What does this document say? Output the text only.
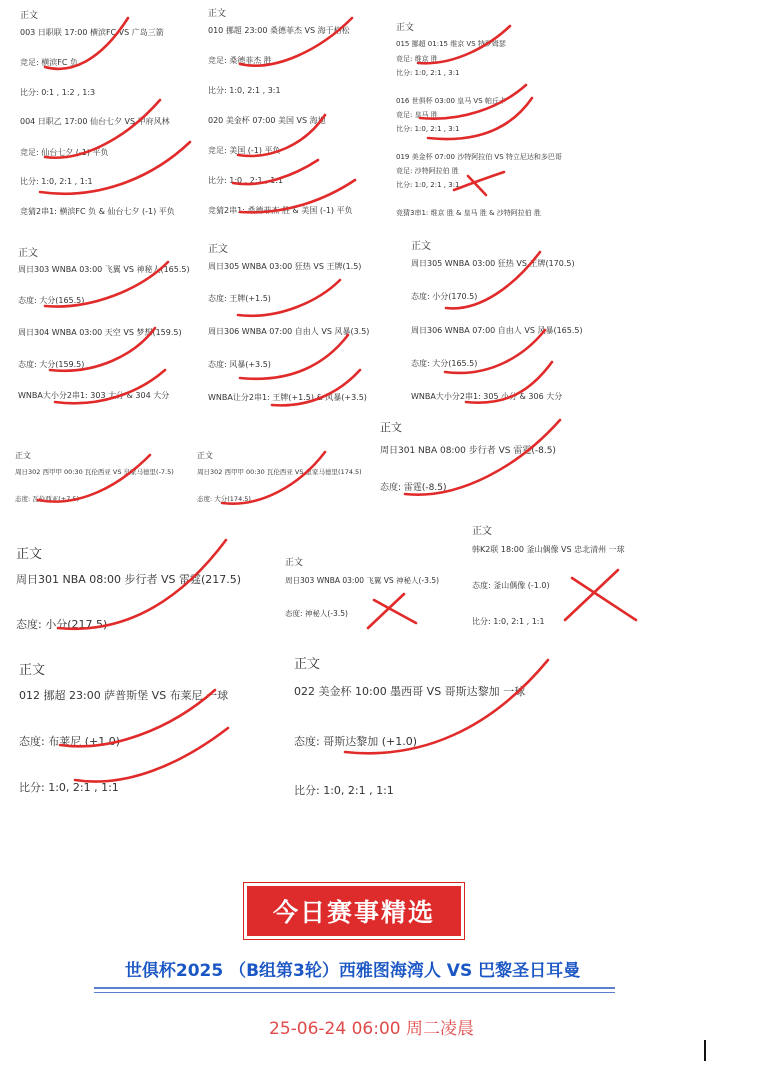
正文
003 日职联 17:00 横滨FC VS 广岛三箭
竞足: 横滨FC 负
比分: 0:1 , 1:2 , 1:3
004 日职乙 17:00 仙台七夕 VS 甲府风林
竞足: 仙台七夕 (-1) 平负
比分: 1:0, 2:1 , 1:1
竞猜2串1: 横滨FC 负 & 仙台七夕 (-1) 平负
正文
010 挪超 23:00 桑德菲杰 VS 海于格松
竞足: 桑德菲杰 胜
比分: 1:0, 2:1 , 3:1
020 美金杯 07:00 美国 VS 海地
竞足: 美国 (-1) 平负
比分: 1:0 , 2:1 , 1:1
竞猜2串1: 桑德菲杰 胜 & 美国 (-1) 平负
正文
015 挪超 01:15 维京 VS 特罗姆瑟
竞足: 维京 胜
比分: 1:0, 2:1 , 3:1
016 世俱杯 03:00 皇马 VS 帕丘卡
竞足: 皇马 胜
比分: 1:0, 2:1 , 3:1
019 美金杯 07:00 沙特阿拉伯 VS 特立尼达和多巴哥
竞足: 沙特阿拉伯 胜
比分: 1:0, 2:1 , 3:1
竞猜3串1: 维京 胜 & 皇马 胜 & 沙特阿拉伯 胜
正文
周日303 WNBA 03:00 飞翼 VS 神秘人(165.5)
态度: 大分(165.5)
周日304 WNBA 03:00 天空 VS 梦想(159.5)
态度: 大分(159.5)
WNBA大小分2串1: 303 大分 & 304 大分
正文
周日305 WNBA 03:00 狂热 VS 王牌(1.5)
态度: 王牌(+1.5)
周日306 WNBA 07:00 自由人 VS 风暴(3.5)
态度: 风暴(+3.5)
WNBA让分2串1: 王牌(+1.5) & 风暴(+3.5)
正文
周日305 WNBA 03:00 狂热 VS 王牌(170.5)
态度: 小分(170.5)
周日306 WNBA 07:00 自由人 VS 风暴(165.5)
态度: 大分(165.5)
WNBA大小分2串1: 305 小分 & 306 大分
正文
周日302 西甲甲 00:30 瓦伦西亚 VS 皇家马德里(-7.5)
态度: 瓦伦西亚(+7.5)
正文
周日302 西甲甲 00:30 瓦伦西亚 VS 皇家马德里(174.5)
态度: 大分(174.5)
正文
周日301 NBA 08:00 步行者 VS 雷霆(-8.5)
态度: 雷霆(-8.5)
正文
周日301 NBA 08:00 步行者 VS 雷霆(217.5)
态度: 小分(217.5)
正文
周日303 WNBA 03:00 飞翼 VS 神秘人(-3.5)
态度: 神秘人(-3.5)
正文
韩K2联 18:00 釜山偶像 VS 忠北清州 一球
态度: 釜山偶像 (-1.0)
比分: 1:0, 2:1 , 1:1
正文
012 挪超 23:00 萨普斯堡 VS 布莱尼 一球
态度: 布莱尼 (+1.0)
比分: 1:0, 2:1 , 1:1
正文
022 美金杯 10:00 墨西哥 VS 哥斯达黎加 一球
态度: 哥斯达黎加 (+1.0)
比分: 1:0, 2:1 , 1:1
今日赛事精选
世俱杯2025 （B组第3轮）西雅图海湾人 VS 巴黎圣日耳曼
25-06-24 06:00 周二凌晨
